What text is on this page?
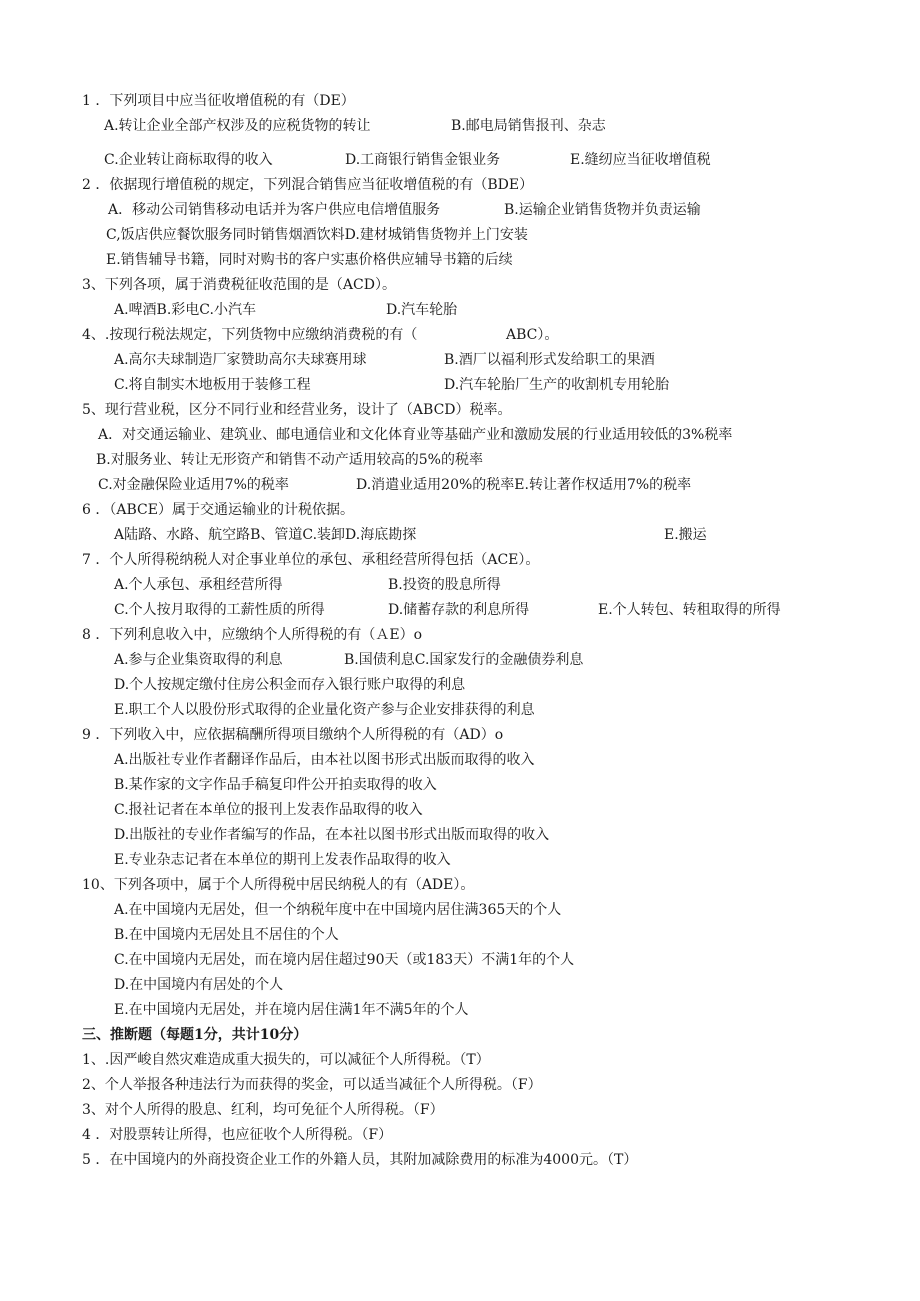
1 ．下列项目中应当征收增值税的有（DE）
A.转让企业全部产权涉及的应税货物的转让	B.邮电局销售报刊、杂志
C.企业转让商标取得的收入	D.工商银行销售金银业务	E.缝纫应当征收增值税
2 ．依据现行增值税的规定，下列混合销售应当征收增值税的有（BDE）
A．移动公司销售移动电话并为客户供应电信增值服务	B.运输企业销售货物并负责运输
C,饭店供应餐饮服务同时销售烟酒饮料D.建材城销售货物并上门安装
E.销售辅导书籍，同时对购书的客户实惠价格供应辅导书籍的后续
3、下列各项，属于消费税征收范围的是（ACD）。
A.啤酒B.彩电C.小汽车	D.汽车轮胎
4、.按现行税法规定，下列货物中应缴纳消费税的有（	ABC）。
A.高尔夫球制造厂家赞助高尔夫球赛用球	B.酒厂以福利形式发给职工的果酒
C.将自制实木地板用于装修工程	D.汽车轮胎厂生产的收割机专用轮胎
5、现行营业税，区分不同行业和经营业务，设计了（ABCD）税率。
A．对交通运输业、建筑业、邮电通信业和文化体育业等基础产业和激励发展的行业适用较低的3%税率
B.对服务业、转让无形资产和销售不动产适用较高的5%的税率
C.对金融保险业适用7%的税率	D.消遣业适用20%的税率E.转让著作权适用7%的税率
6 ．（ABCE）属于交通运输业的计税依据。
A陆路、水路、航空路B、管道C.装卸D.海底勘探	E.搬运
7 ．个人所得税纳税人对企事业单位的承包、承租经营所得包括（ACE）。
A.个人承包、承租经营所得	B.投资的股息所得
C.个人按月取得的工薪性质的所得	D.储蓄存款的利息所得	E.个人转包、转租取得的所得
8 ．下列利息收入中，应缴纳个人所得税的有（ＡE）o
A.参与企业集资取得的利息	B.国债利息C.国家发行的金融债券利息
D.个人按规定缴付住房公积金而存入银行账户取得的利息
E.职工个人以股份形式取得的企业量化资产参与企业安排获得的利息
9 ．下列收入中，应依据稿酬所得项目缴纳个人所得税的有（AD）o
A.出版社专业作者翻译作品后，由本社以图书形式出版而取得的收入
B.某作家的文字作品手稿复印件公开拍卖取得的收入
C.报社记者在本单位的报刊上发表作品取得的收入
D.出版社的专业作者编写的作品，在本社以图书形式出版而取得的收入
E.专业杂志记者在本单位的期刊上发表作品取得的收入
10、下列各项中，属于个人所得税中居民纳税人的有（ADE）。
A.在中国境内无居处，但一个纳税年度中在中国境内居住满365天的个人
B.在中国境内无居处且不居住的个人
C.在中国境内无居处，而在境内居住超过90天（或183天）不满1年的个人
D.在中国境内有居处的个人
E.在中国境内无居处，并在境内居住满1年不满5年的个人
三、推断题（每题1分，共计10分）
1、.因严峻自然灾难造成重大损失的，可以减征个人所得税。（T）
2、个人举报各种违法行为而获得的奖金，可以适当减征个人所得税。（F）
3、对个人所得的股息、红利，均可免征个人所得税。（F）
4 ．对股票转让所得，也应征收个人所得税。（F）
5 ．在中国境内的外商投资企业工作的外籍人员，其附加减除费用的标准为4000元。（T）
